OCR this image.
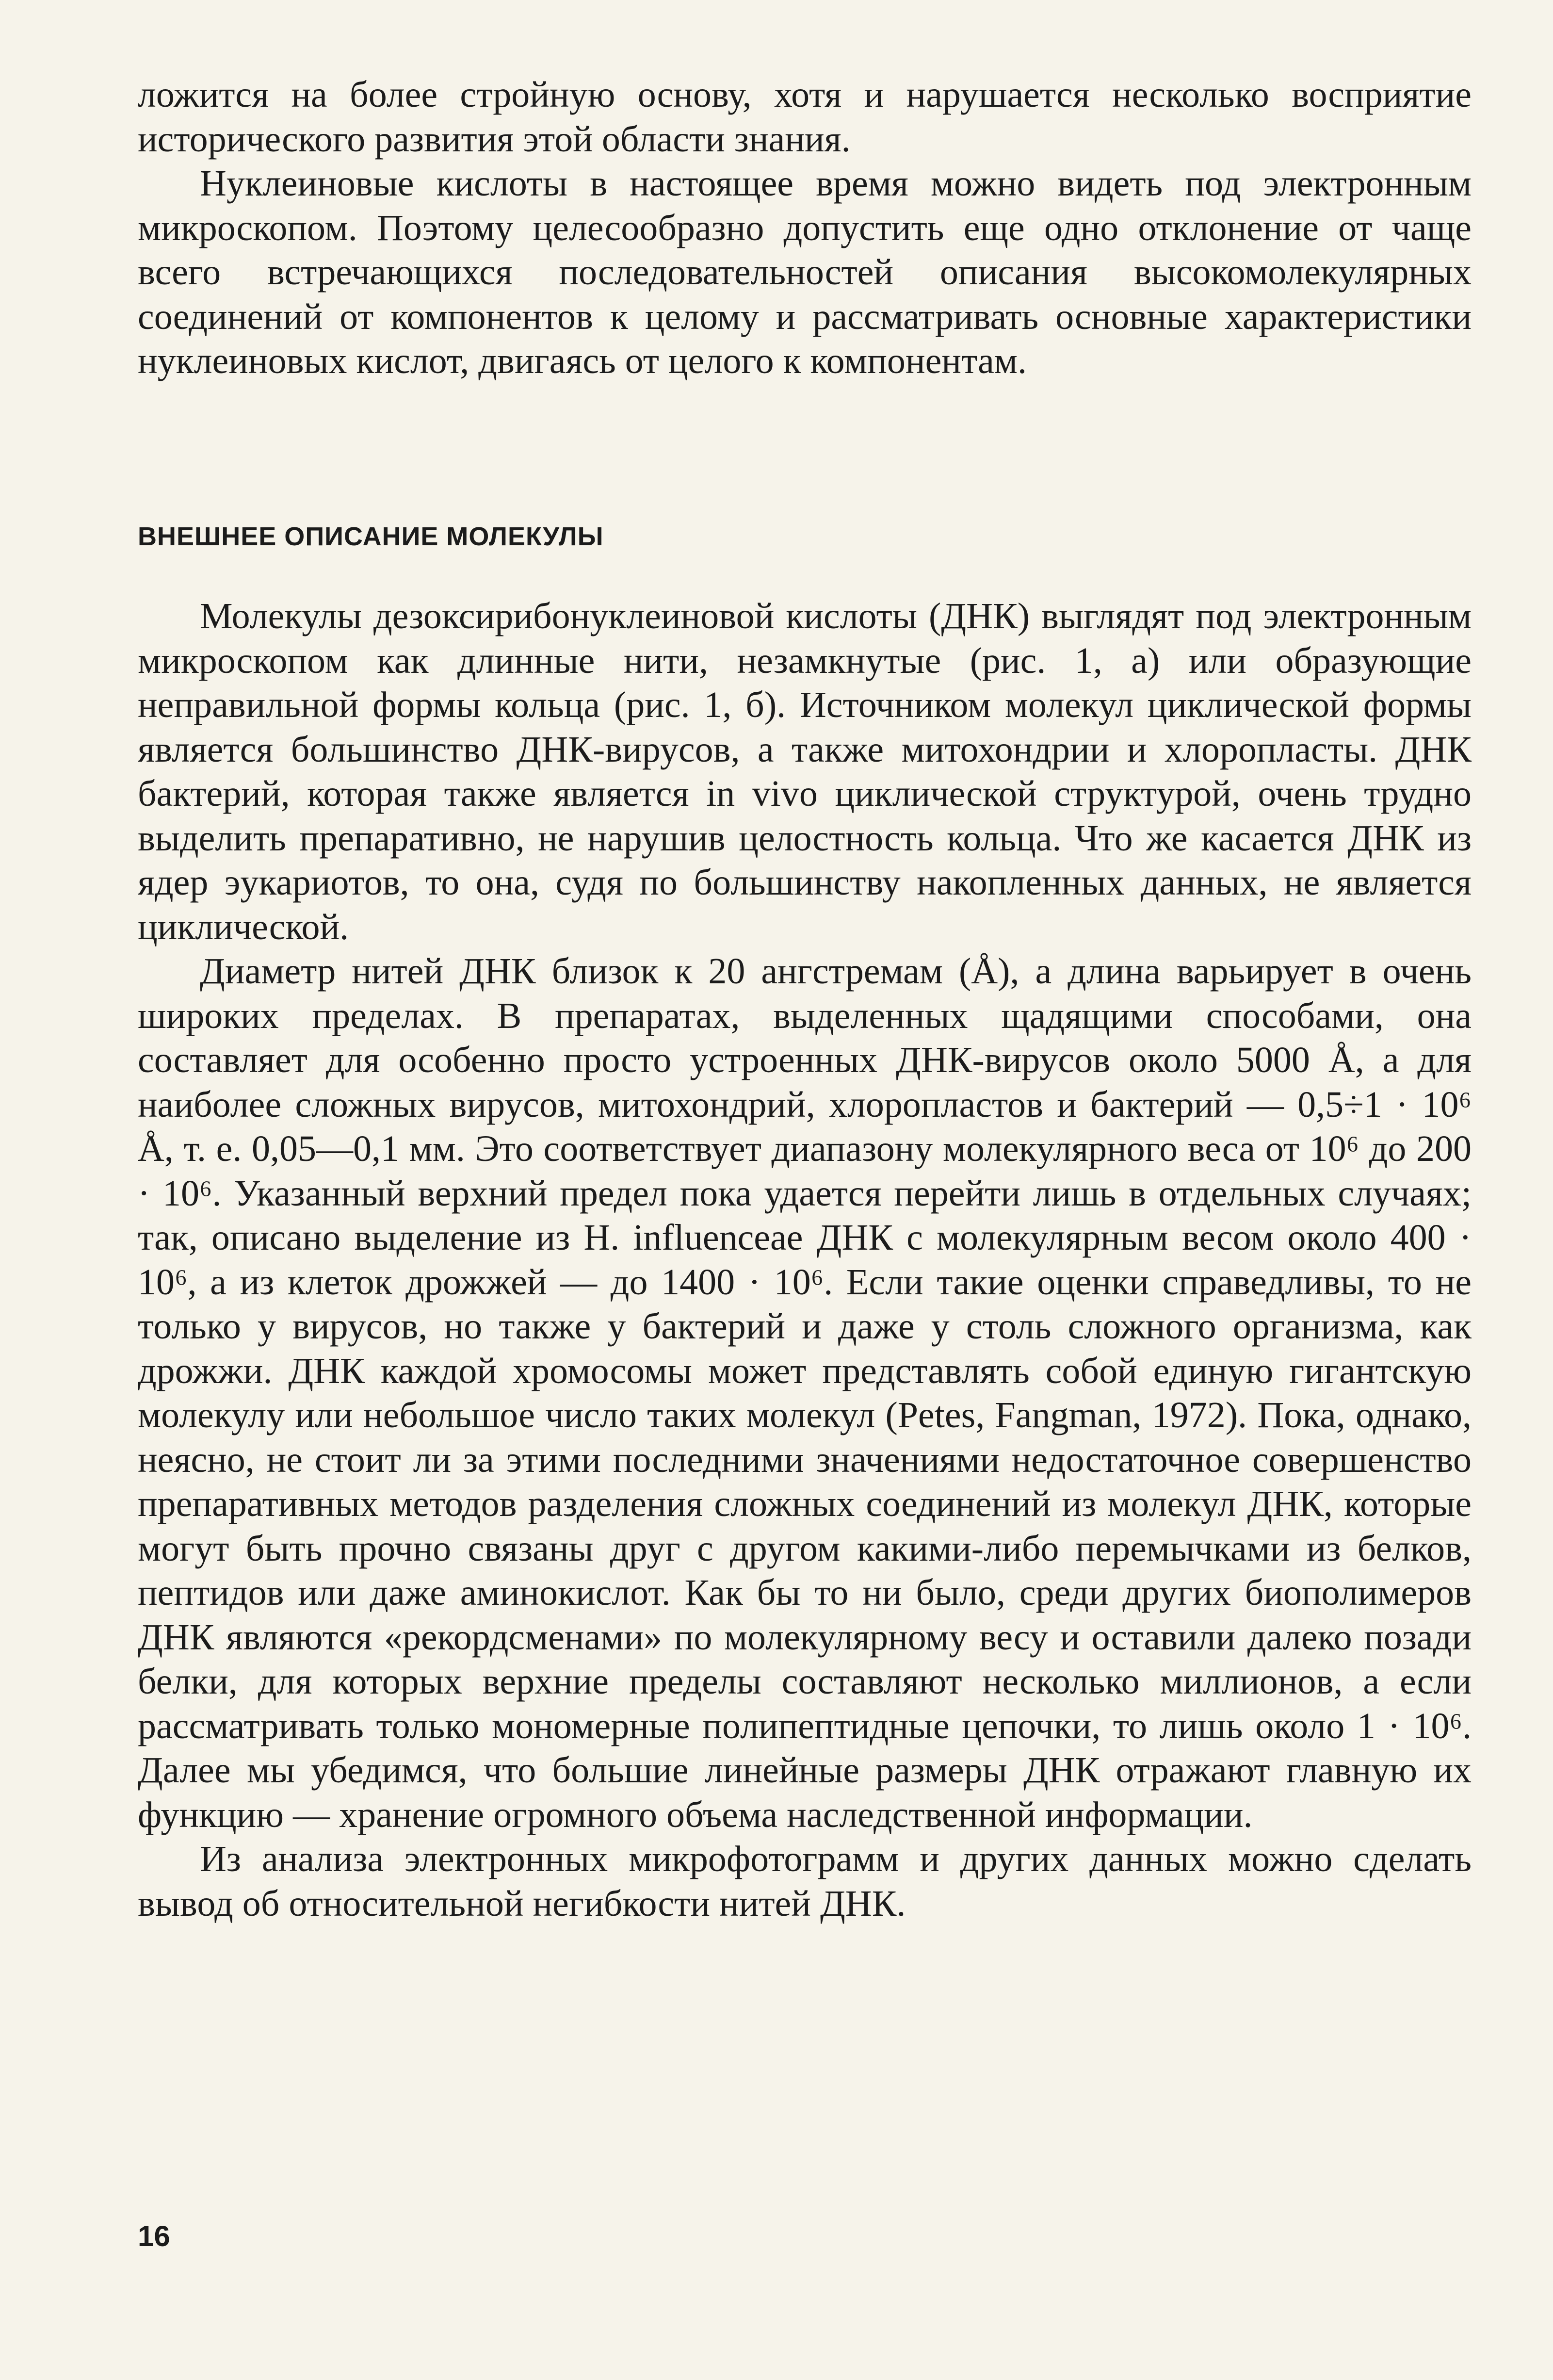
ложится на более стройную основу, хотя и нарушается несколько восприятие исторического развития этой области знания.

Нуклеиновые кислоты в настоящее время можно видеть под электронным микроскопом. Поэтому целесообразно допустить еще одно отклонение от чаще всего встречающихся последовательностей описания высокомолекулярных соединений от компонентов к целому и рассматривать основные характеристики нуклеиновых кислот, двигаясь от целого к компонентам.

ВНЕШНЕЕ ОПИСАНИЕ МОЛЕКУЛЫ

Молекулы дезоксирибонуклеиновой кислоты (ДНК) выглядят под электронным микроскопом как длинные нити, незамкнутые (рис. 1, а) или образующие неправильной формы кольца (рис. 1, б). Источником молекул циклической формы является большинство ДНК-вирусов, а также митохондрии и хлоропласты. ДНК бактерий, которая также является in vivo циклической структурой, очень трудно выделить препаративно, не нарушив целостность кольца. Что же касается ДНК из ядер эукариотов, то она, судя по большинству накопленных данных, не является циклической.

Диаметр нитей ДНК близок к 20 ангстремам (Å), а длина варьирует в очень широких пределах. В препаратах, выделенных щадящими способами, она составляет для особенно просто устроенных ДНК-вирусов около 5000 Å, а для наиболее сложных вирусов, митохондрий, хлоропластов и бактерий — 0,5÷1 · 10⁶ Å, т. е. 0,05—0,1 мм. Это соответствует диапазону молекулярного веса от 10⁶ до 200 · 10⁶. Указанный верхний предел пока удается перейти лишь в отдельных случаях; так, описано выделение из H. influenceae ДНК с молекулярным весом около 400 · 10⁶, а из клеток дрожжей — до 1400 · 10⁶. Если такие оценки справедливы, то не только у вирусов, но также у бактерий и даже у столь сложного организма, как дрожжи. ДНК каждой хромосомы может представлять собой единую гигантскую молекулу или небольшое число таких молекул (Petes, Fangman, 1972). Пока, однако, неясно, не стоит ли за этими последними значениями недостаточное совершенство препаративных методов разделения сложных соединений из молекул ДНК, которые могут быть прочно связаны друг с другом какими-либо перемычками из белков, пептидов или даже аминокислот. Как бы то ни было, среди других биополимеров ДНК являются «рекордсменами» по молекулярному весу и оставили далеко позади белки, для которых верхние пределы составляют несколько миллионов, а если рассматривать только мономерные полипептидные цепочки, то лишь около 1 · 10⁶. Далее мы убедимся, что большие линейные размеры ДНК отражают главную их функцию — хранение огромного объема наследственной информации.

Из анализа электронных микрофотограмм и других данных можно сделать вывод об относительной негибкости нитей ДНК.

16
